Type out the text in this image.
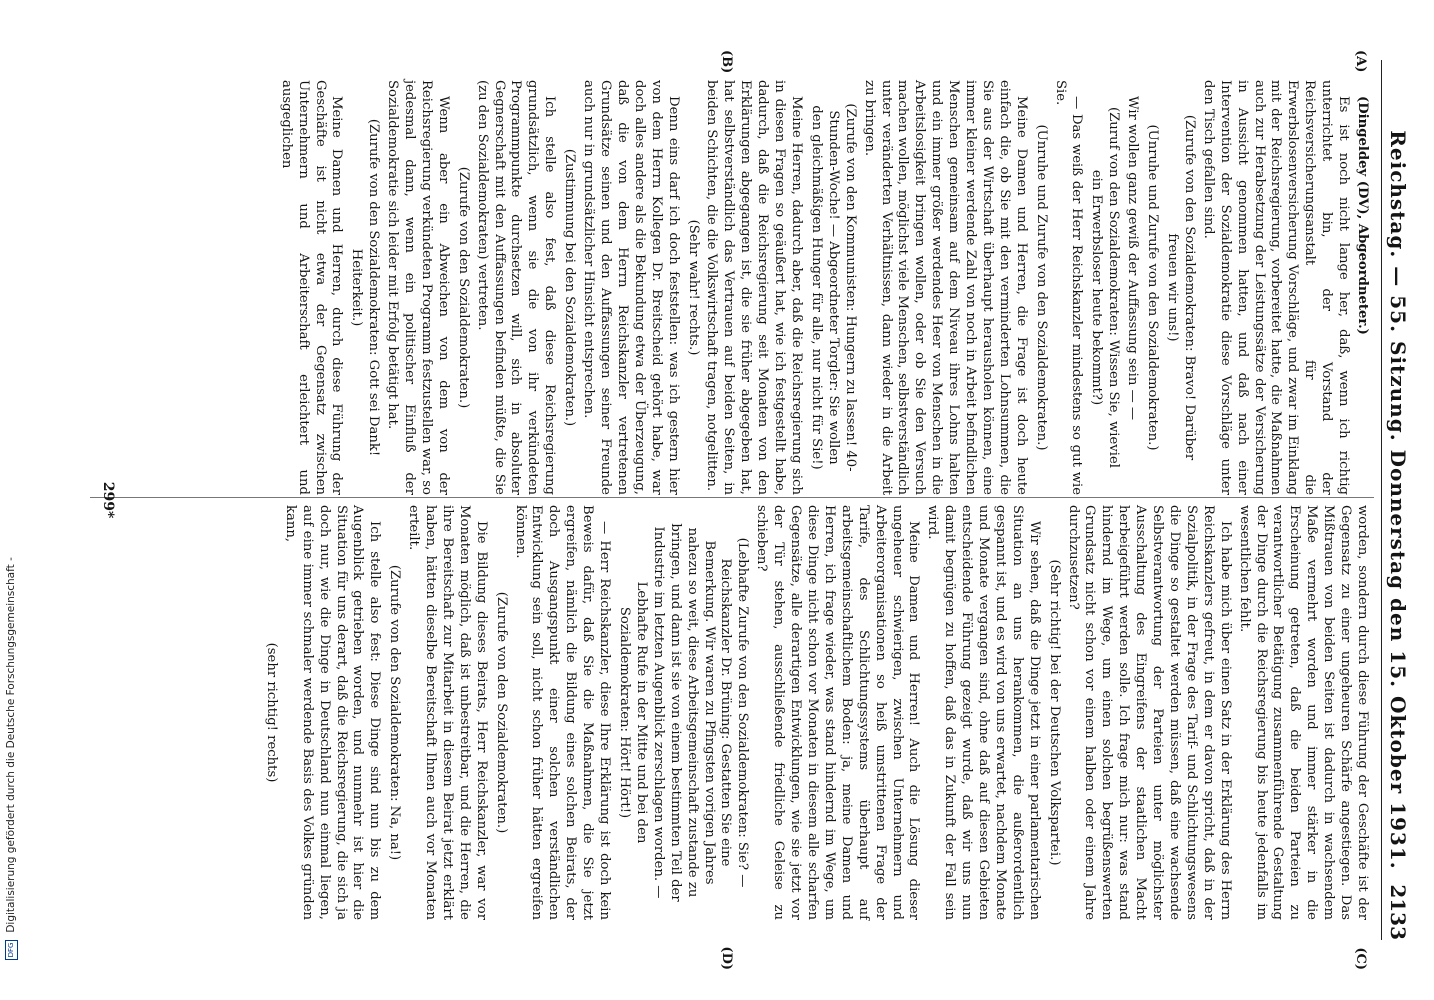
Reichstag. — 55. Sitzung. Donnerstag den 15. Oktober 1931.
2133
(A)
(B)
(C)
(D)

(Dingeldey (DV), Abgeordneter.)

Es ist noch nicht lange her, daß, wenn ich richtig unterrichtet bin, der Vorstand der Reichsversicherungsanstalt für die Erwerbslosenversicherung Vorschläge, und zwar im Einklang mit der Reichsregierung, vorbereitet hatte, die Maßnahmen auch zur Herabsetzung der Leistungssätze der Versicherung in Aussicht genommen hatten, und daß nach einer Intervention der Sozialdemokratie diese Vorschläge unter den Tisch gefallen sind.

(Zurufe von den Sozialdemokraten: Bravo! Darüber freuen wir uns!)

(Unruhe und Zurufe von den Sozialdemokraten.)

Wir wollen ganz gewiß der Auffassung sein — —

(Zuruf von den Sozialdemokraten: Wissen Sie, wieviel ein Erwerbsloser heute bekommt?)

— Das weiß der Herr Reichskanzler mindestens so gut wie Sie.

(Unruhe und Zurufe von den Sozialdemokraten.)

Meine Damen und Herren, die Frage ist doch heute einfach die, ob Sie mit den verminderten Lohnsummen, die Sie aus der Wirtschaft überhaupt herausholen können, eine immer kleiner werdende Zahl von noch in Arbeit befindlichen Menschen gemeinsam auf dem Niveau ihres Lohns halten und ein immer größer werdendes Heer von Menschen in die Arbeitslosigkeit bringen wollen, oder ob Sie den Versuch machen wollen, möglichst viele Menschen, selbstverständlich unter veränderten Verhältnissen, dann wieder in die Arbeit zu bringen.

(Zurufe von den Kommunisten: Hungern zu lassen! 40-Stunden-Woche! — Abgeordneter Torgler: Sie wollen den gleichmäßigen Hunger für alle, nur nicht für Sie!)

Meine Herren, dadurch aber, daß die Reichsregierung sich in diesen Fragen so geäußert hat, wie ich festgestellt habe, dadurch, daß die Reichsregierung seit Monaten von den Erklärungen abgegangen ist, die sie früher abgegeben hat, hat selbstverständlich das Vertrauen auf beiden Seiten, in beiden Schichten, die die Volkswirtschaft tragen, notgelitten.

(Sehr wahr! rechts.)

Denn eins darf ich doch feststellen: was ich gestern hier von dem Herrn Kollegen Dr. Breitscheid gehört habe, war doch alles andere als die Bekundung etwa der Überzeugung, daß die von dem Herrn Reichskanzler vertretenen Grundsätze seinen und den Auffassungen seiner Freunde auch nur in grundsätzlicher Hinsicht entsprechen.

(Zustimmung bei den Sozialdemokraten.)

Ich stelle also fest, daß diese Reichsregierung grundsätzlich, wenn sie die von ihr verkündeten Programmpunkte durchsetzen will, sich in absoluter Gegnerschaft mit den Auffassungen befinden müßte, die Sie (zu den Sozialdemokraten) vertreten.

(Zurufe von den Sozialdemokraten.)

Wenn aber ein Abweichen von dem von der Reichsregierung verkündeten Programm festzustellen war, so jedesmal dann, wenn ein politischer Einfluß der Sozialdemokratie sich leider mit Erfolg betätigt hat.

(Zurufe von den Sozialdemokraten: Gott sei Dank! Heiterkeit.)

Meine Damen und Herren, durch diese Führung der Geschäfte ist nicht etwa der Gegensatz zwischen Unternehmern und Arbeiterschaft erleichtert und ausgeglichen

worden, sondern durch diese Führung der Geschäfte ist der Gegensatz zu einer ungeheuren Schärfe angestiegen. Das Mißtrauen von beiden Seiten ist dadurch in wachsendem Maße vermehrt worden und immer stärker in die Erscheinung getreten, daß die beiden Parteien zu verantwortlicher Betätigung zusammenführende Gestaltung der Dinge durch die Reichsregierung bis heute jedenfalls im wesentlichen fehlt.

Ich habe mich über einen Satz in der Erklärung des Herrn Reichskanzlers gefreut, in dem er davon spricht, daß in der Sozialpolitik, in der Frage des Tarif- und Schlichtungswesens die Dinge so gestaltet werden müssen, daß eine wachsende Selbstverantwortung der Parteien unter möglichster Ausschaltung des Eingreifens der staatlichen Macht herbeigeführt werden solle. Ich frage mich nur: was stand hindernd im Wege, um einen solchen begrüßenswerten Grundsatz nicht schon vor einem halben oder einem Jahre durchzusetzen?

(Sehr richtig! bei der Deutschen Volkspartei.)

Wir sehen, daß die Dinge jetzt in einer parlamentarischen Situation an uns herankommen, die außerordentlich gespannt ist, und es wird von uns erwartet, nachdem Monate und Monate vergangen sind, ohne daß auf diesen Gebieten entscheidende Führung gezeigt wurde, daß wir uns nun damit begnügen zu hoffen, daß das in Zukunft der Fall sein wird.

Meine Damen und Herren! Auch die Lösung dieser ungeheuer schwierigen, zwischen Unternehmern und Arbeiterorganisationen so heiß umstrittenen Frage der Tarife, des Schlichtungssystems überhaupt auf arbeitsgemeinschaftlichem Boden: ja, meine Damen und Herren, ich frage wieder, was stand hindernd im Wege, um diese Dinge nicht schon vor Monaten in diesem alle scharfen Gegensätze, alle derartigen Entwicklungen, wie sie jetzt vor der Tür stehen, ausschließende friedliche Geleise zu schieben?

(Lebhafte Zurufe von den Sozialdemokraten: Sie? — Reichskanzler Dr. Brüning: Gestatten Sie eine Bemerkung. Wir waren zu Pfingsten vorigen Jahres nahezu so weit, diese Arbeitsgemeinschaft zustande zu bringen, und dann ist sie von einem bestimmten Teil der Industrie im letzten Augenblick zerschlagen worden. — Lebhafte Rufe in der Mitte und bei den Sozialdemokraten: Hört! Hört!)

— Herr Reichskanzler, diese Ihre Erklärung ist doch kein Beweis dafür, daß Sie die Maßnahmen, die Sie jetzt ergreifen, nämlich die Bildung eines solchen Beirats, der doch Ausgangspunkt einer solchen verständlichen Entwicklung sein soll, nicht schon früher hätten ergreifen können.

(Zurufe von den Sozialdemokraten.)

Die Bildung dieses Beirats, Herr Reichskanzler, war vor Monaten möglich, daß ist unbestreitbar, und die Herren, die ihre Bereitschaft zur Mitarbeit in diesem Beirat jetzt erklärt haben, hätten dieselbe Bereitschaft Ihnen auch vor Monaten erteilt.

(Zurufe von den Sozialdemokraten: Na, na!)

Ich stelle also fest: Diese Dinge sind nun bis zu dem Augenblick getrieben worden, und nunmehr ist hier die Situation für uns derart, daß die Reichsregierung, die sich ja doch nur, wie die Dinge in Deutschland nun einmal liegen, auf eine immer schmaler werdende Basis des Volkes gründen kann,

(sehr richtig! rechts)

299*
DFG Digitalisierung gefördert durch die Deutsche Forschungsgemeinschaft -
